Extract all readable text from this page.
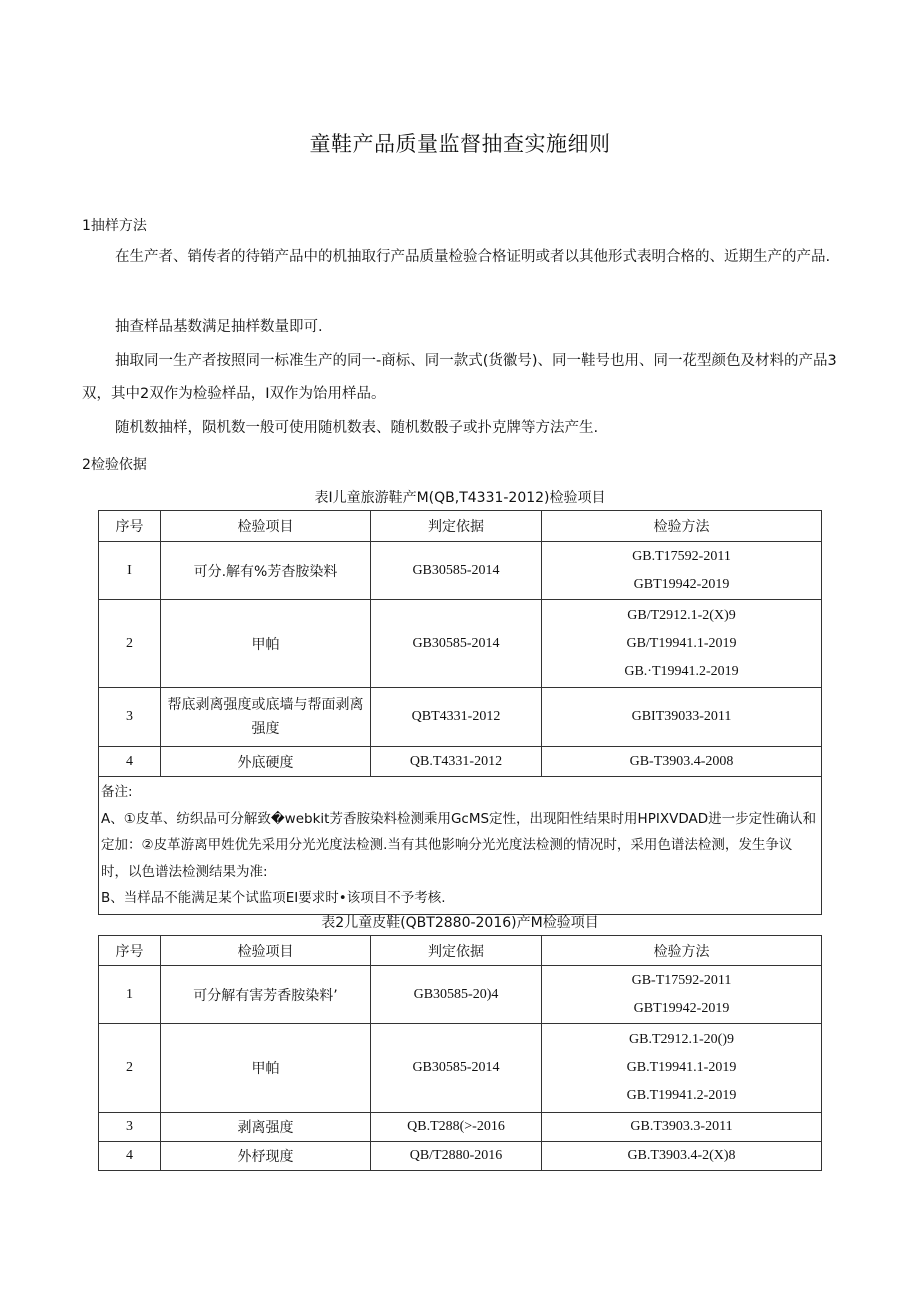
童鞋产品质量监督抽查实施细则
1抽样方法
在生产者、销传者的待销产品中的机抽取行产品质量检验合格证明或者以其他形式表明合格的、近期生产的产品.
抽查样品基数满足抽样数量即可.
抽取同一生产者按照同一标准生产的同一-商标、同一款式(货徽号)、同一鞋号也用、同一花型颜色及材料的产品3双，其中2双作为检验样品，I双作为饴用样品。
随机数抽样，陨机数一般可使用随机数表、随机数骰子或扑克牌等方法产生.
2检验依据
表I儿童旅游鞋产M(QB,T4331-2012)检验项目
序号	检验项目	判定依据	检验方法
I	可分.解有%芳杳胺染料	GB30585-2014	GB.T17592-2011
GBT19942-2019

2	甲帕	GB30585-2014	GB/T2912.1-2(X)9
GB/T19941.1-2019
GB.·T19941.2-2019

3	帮底剥离强度或底墙与帮面剥离强度	QBT4331-2012	GBIT39033-2011

4	外底硬度	QB.T4331-2012	GB-T3903.4-2008

备注:
A、①皮革、纺织品可分解致�webkit芳香胺染料检测乘用GcMS定性，出现阳性结果时用HPIXVDAD进一步定性确认和定加：②皮革游离甲姓优先采用分光光度法检测.当有其他影响分光光度法检测的情况时，采用色谱法检测，发生争议时，以色谱法检测结果为准:
B、当样品不能满足某个试监项EI要求时•该项目不予考核.			
表2儿童皮鞋(QBT2880-2016)产M检验项目
序号	检验项目	判定依据	检验方法
1	可分解有害芳香胺染料’	GB30585-20)4	GB-T17592-2011
GBT19942-2019

2	甲帕	GB30585-2014	GB.T2912.1-20()9
GB.T19941.1-2019
GB.T19941.2-2019

3	剥离强度	QB.T288(>-2016	GB.T3903.3-2011

4	外杼现度	QB/T2880-2016	GB.T3903.4-2(X)8
